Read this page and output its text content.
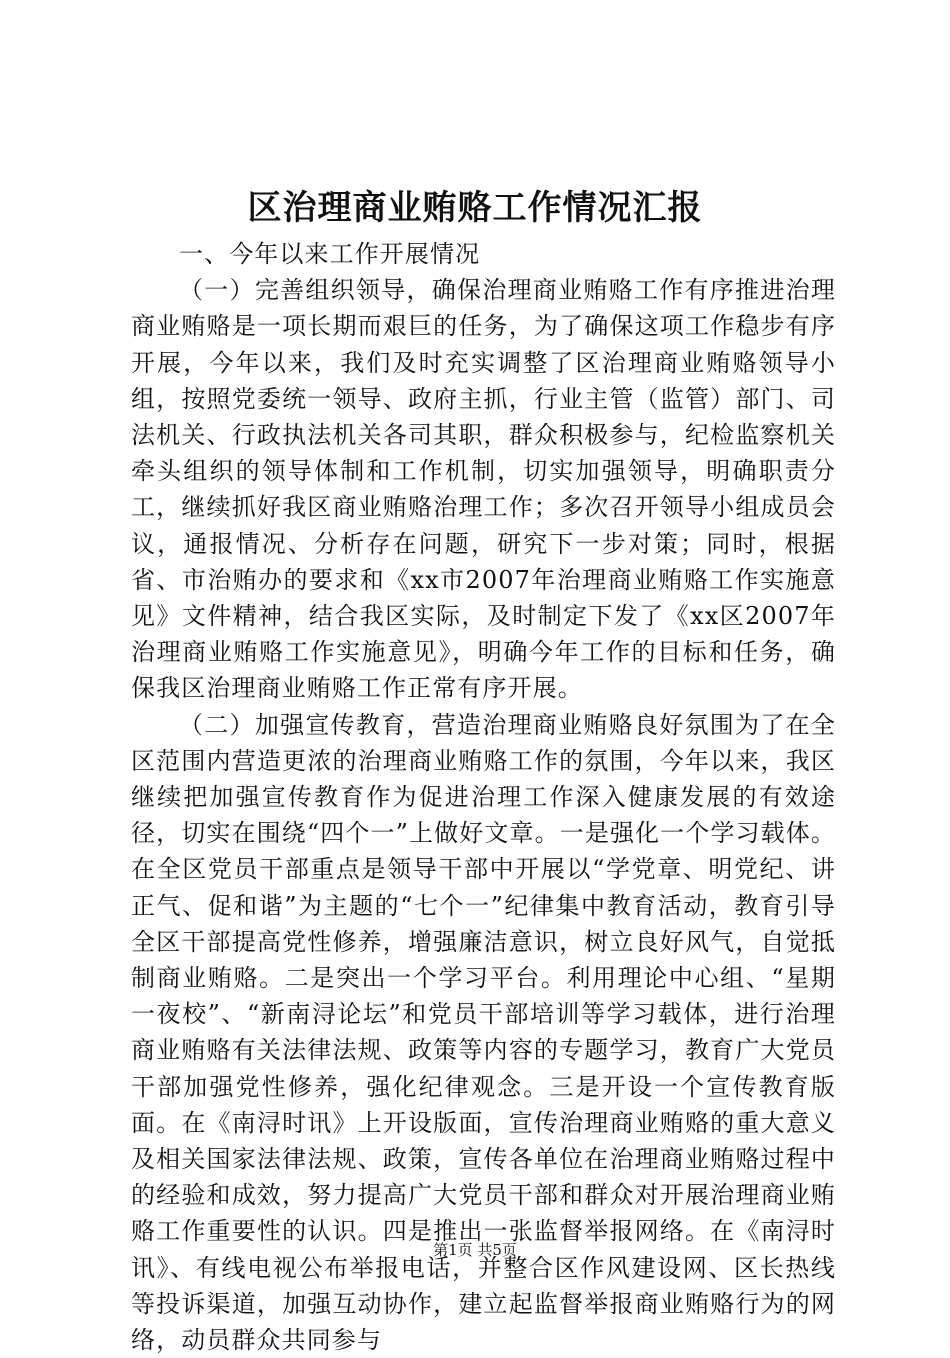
区治理商业贿赂工作情况汇报

一、今年以来工作开展情况

（一）完善组织领导，确保治理商业贿赂工作有序推进治理商业贿赂是一项长期而艰巨的任务，为了确保这项工作稳步有序开展，今年以来，我们及时充实调整了区治理商业贿赂领导小组，按照党委统一领导、政府主抓，行业主管（监管）部门、司法机关、行政执法机关各司其职，群众积极参与，纪检监察机关牵头组织的领导体制和工作机制，切实加强领导，明确职责分工，继续抓好我区商业贿赂治理工作；多次召开领导小组成员会议，通报情况、分析存在问题，研究下一步对策；同时，根据省、市治贿办的要求和《xx市2007年治理商业贿赂工作实施意见》文件精神，结合我区实际，及时制定下发了《xx区2007年治理商业贿赂工作实施意见》，明确今年工作的目标和任务，确保我区治理商业贿赂工作正常有序开展。

（二）加强宣传教育，营造治理商业贿赂良好氛围为了在全区范围内营造更浓的治理商业贿赂工作的氛围，今年以来，我区继续把加强宣传教育作为促进治理工作深入健康发展的有效途径，切实在围绕“四个一”上做好文章。一是强化一个学习载体。在全区党员干部重点是领导干部中开展以“学党章、明党纪、讲正气、促和谐”为主题的“七个一”纪律集中教育活动，教育引导全区干部提高党性修养，增强廉洁意识，树立良好风气，自觉抵制商业贿赂。二是突出一个学习平台。利用理论中心组、“星期一夜校”、“新南浔论坛”和党员干部培训等学习载体，进行治理商业贿赂有关法律法规、政策等内容的专题学习，教育广大党员干部加强党性修养，强化纪律观念。三是开设一个宣传教育版面。在《南浔时讯》上开设版面，宣传治理商业贿赂的重大意义及相关国家法律法规、政策，宣传各单位在治理商业贿赂过程中的经验和成效，努力提高广大党员干部和群众对开展治理商业贿赂工作重要性的认识。四是推出一张监督举报网络。在《南浔时讯》、有线电视公布举报电话，并整合区作风建设网、区长热线等投诉渠道，加强互动协作，建立起监督举报商业贿赂行为的网络，动员群众共同参与

第1页 共5页
